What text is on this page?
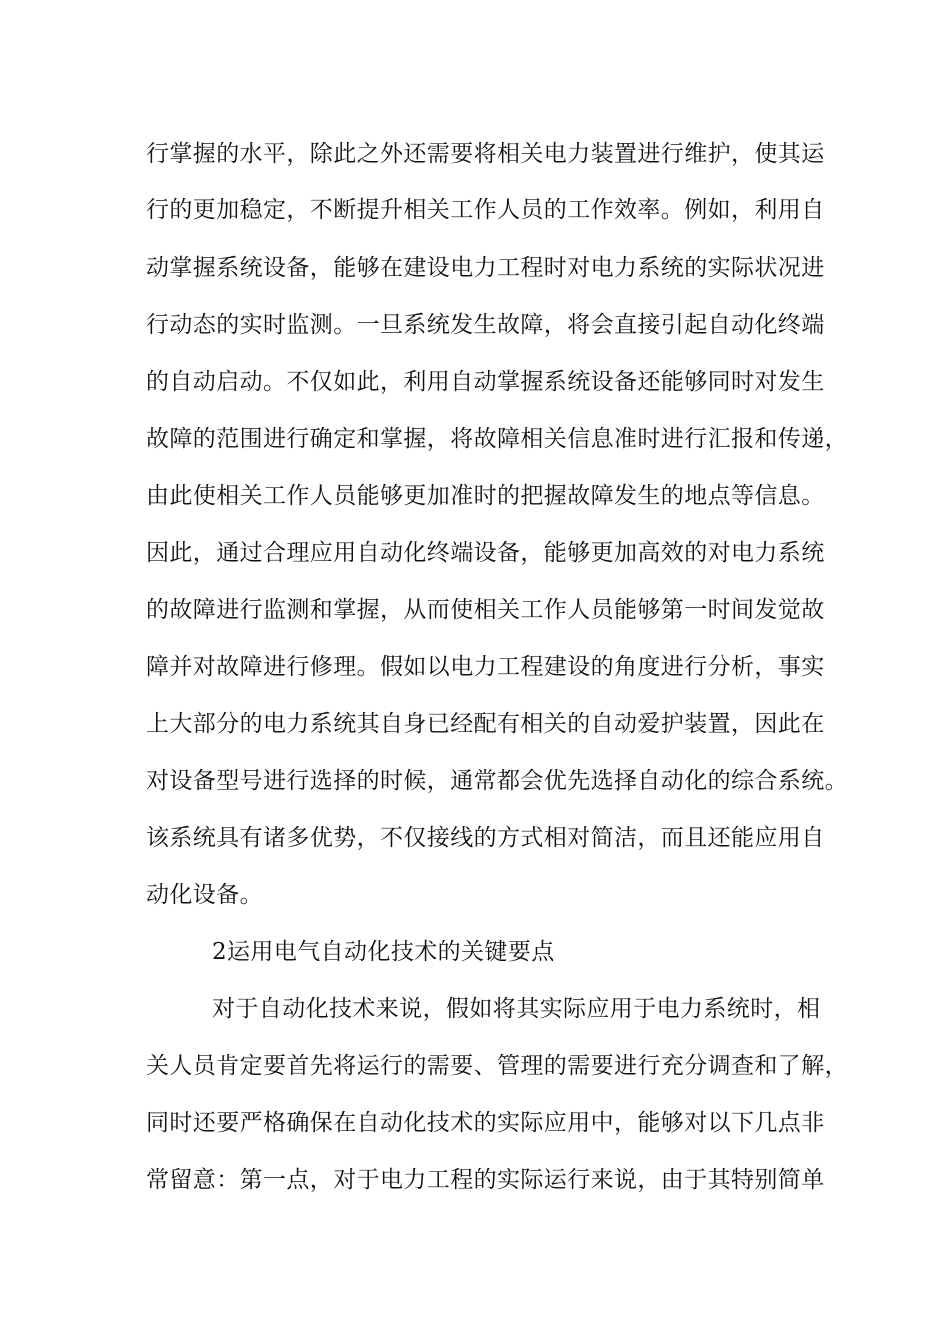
行掌握的水平，除此之外还需要将相关电力装置进行维护，使其运
行的更加稳定，不断提升相关工作人员的工作效率。例如，利用自
动掌握系统设备，能够在建设电力工程时对电力系统的实际状况进
行动态的实时监测。一旦系统发生故障，将会直接引起自动化终端
的自动启动。不仅如此，利用自动掌握系统设备还能够同时对发生
故障的范围进行确定和掌握，将故障相关信息准时进行汇报和传递，
由此使相关工作人员能够更加准时的把握故障发生的地点等信息。
因此，通过合理应用自动化终端设备，能够更加高效的对电力系统
的故障进行监测和掌握，从而使相关工作人员能够第一时间发觉故
障并对故障进行修理。假如以电力工程建设的角度进行分析，事实
上大部分的电力系统其自身已经配有相关的自动爱护装置，因此在
对设备型号进行选择的时候，通常都会优先选择自动化的综合系统。
该系统具有诸多优势，不仅接线的方式相对简洁，而且还能应用自
动化设备。
2运用电气自动化技术的关键要点
对于自动化技术来说，假如将其实际应用于电力系统时，相
关人员肯定要首先将运行的需要、管理的需要进行充分调查和了解，
同时还要严格确保在自动化技术的实际应用中，能够对以下几点非
常留意：第一点，对于电力工程的实际运行来说，由于其特别简单
